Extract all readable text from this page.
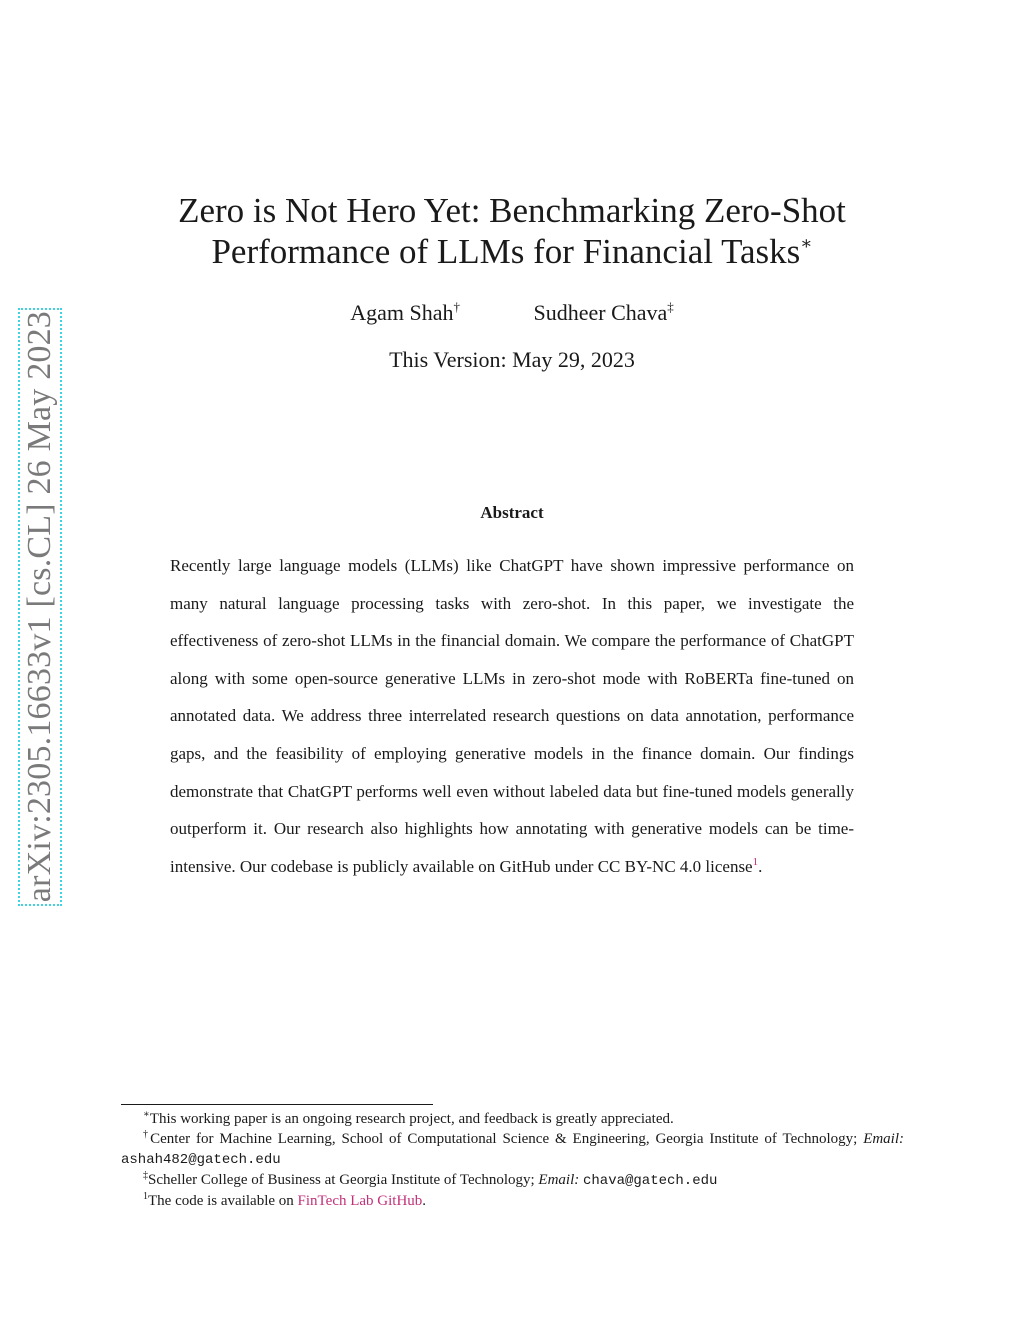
arXiv:2305.16633v1 [cs.CL] 26 May 2023
Zero is Not Hero Yet: Benchmarking Zero-Shot
Performance of LLMs for Financial Tasks∗
Agam Shah†	Sudheer Chava‡
This Version: May 29, 2023
Abstract
Recently large language models (LLMs) like ChatGPT have shown impressive performance on many natural language processing tasks with zero-shot. In this paper, we investigate the effectiveness of zero-shot LLMs in the financial domain. We compare the performance of ChatGPT along with some open-source generative LLMs in zero-shot mode with RoBERTa fine-tuned on annotated data. We address three interrelated research questions on data annotation, performance gaps, and the feasibility of employing generative models in the finance domain. Our findings demonstrate that ChatGPT performs well even without labeled data but fine-tuned models generally outperform it. Our research also highlights how annotating with generative models can be time-intensive. Our codebase is publicly available on GitHub under CC BY-NC 4.0 license$^1$.
∗This working paper is an ongoing research project, and feedback is greatly appreciated.
†Center for Machine Learning, School of Computational Science & Engineering, Georgia Institute of Technology; Email: ashah482@gatech.edu
‡Scheller College of Business at Georgia Institute of Technology; Email: chava@gatech.edu
$^1$The code is available on FinTech Lab GitHub.
